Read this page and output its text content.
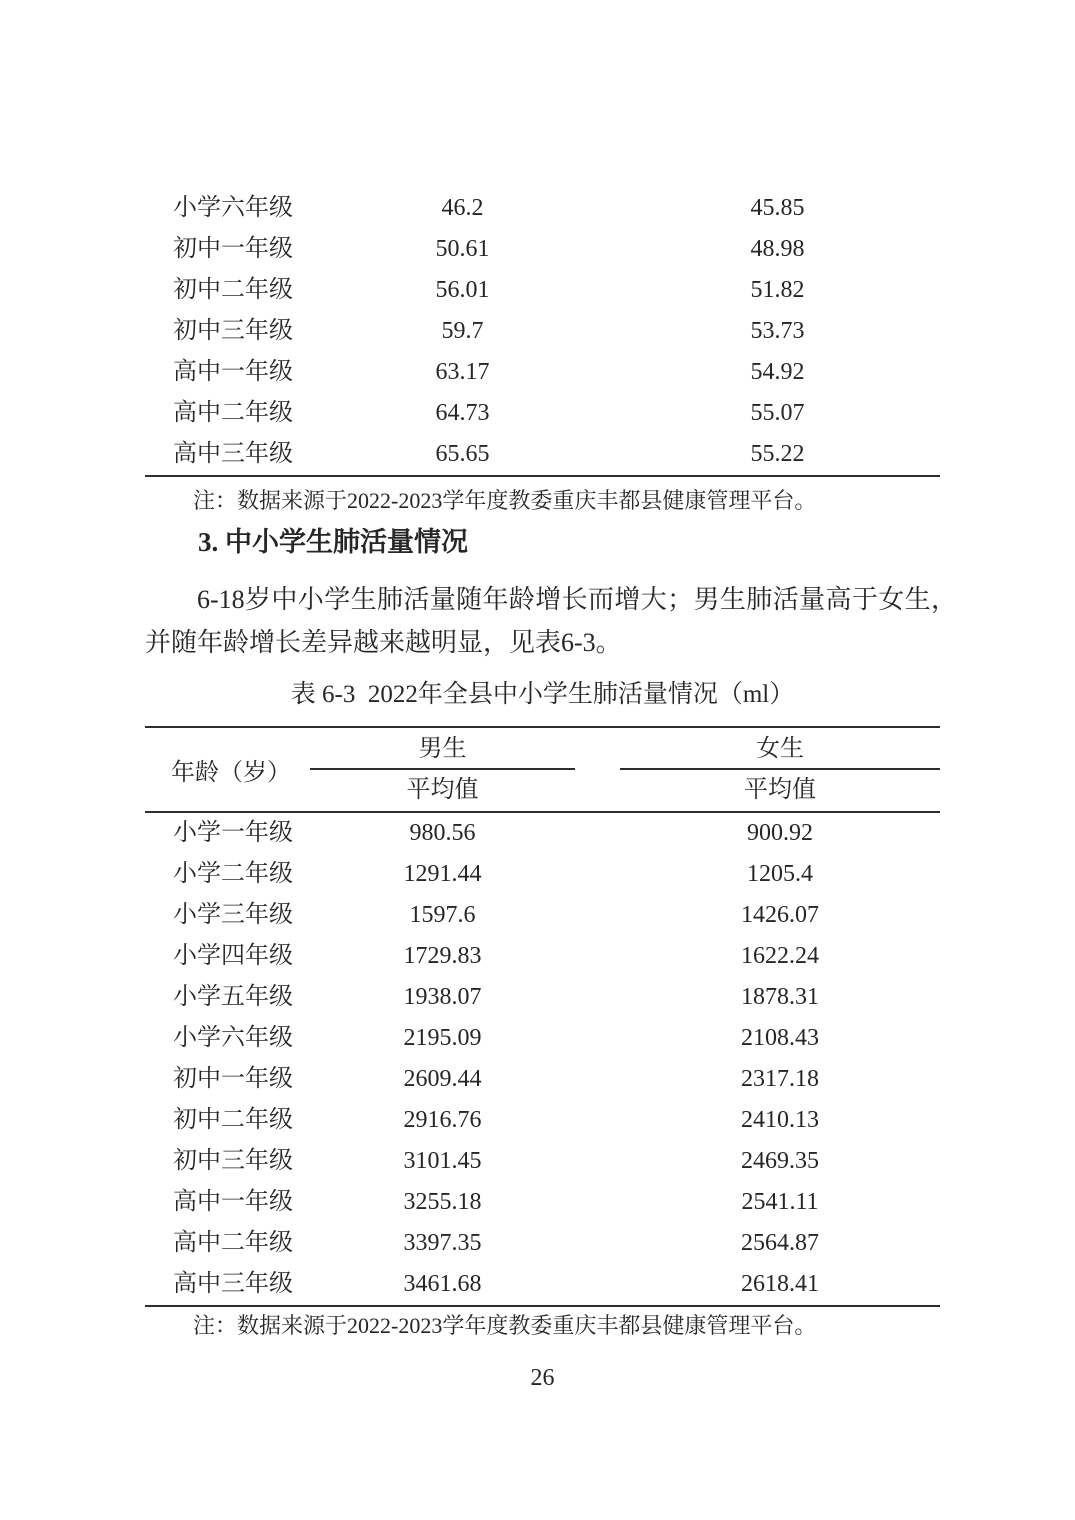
小学六年级	46.2	45.85
初中一年级	50.61	48.98
初中二年级	56.01	51.82
初中三年级	59.7	53.73
高中一年级	63.17	54.92
高中二年级	64.73	55.07
高中三年级	65.65	55.22
注：数据来源于2022-2023学年度教委重庆丰都县健康管理平台。
3. 中小学生肺活量情况
6-18岁中小学生肺活量随年龄增长而增大；男生肺活量高于女生，并随年龄增长差异越来越明显，见表6-3。
表 6-3  2022年全县中小学生肺活量情况（ml）
年龄（岁）
男生	女生
平均值	平均值
小学一年级	980.56	900.92
小学二年级	1291.44	1205.4
小学三年级	1597.6	1426.07
小学四年级	1729.83	1622.24
小学五年级	1938.07	1878.31
小学六年级	2195.09	2108.43
初中一年级	2609.44	2317.18
初中二年级	2916.76	2410.13
初中三年级	3101.45	2469.35
高中一年级	3255.18	2541.11
高中二年级	3397.35	2564.87
高中三年级	3461.68	2618.41
注：数据来源于2022-2023学年度教委重庆丰都县健康管理平台。
26
